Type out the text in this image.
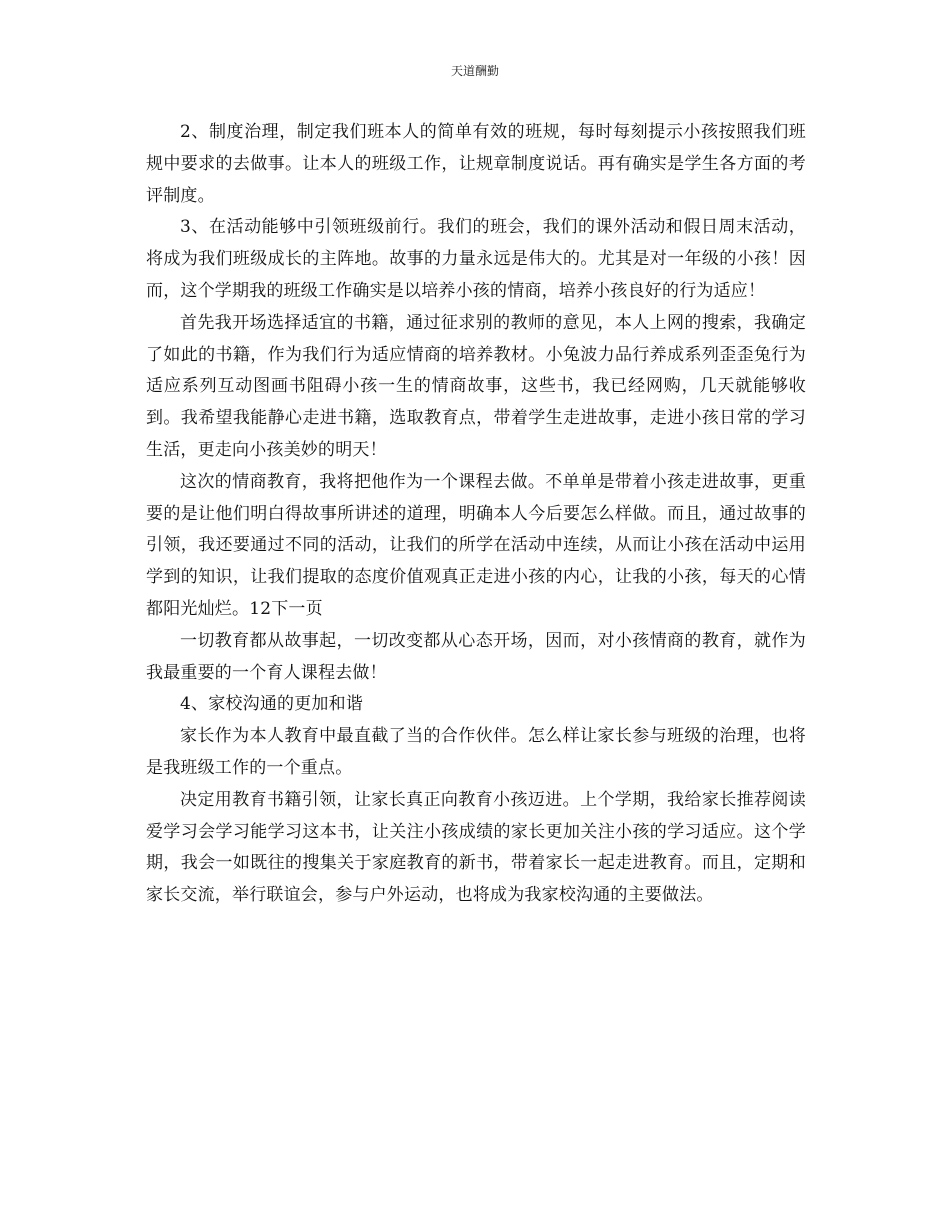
天道酬勤

2、制度治理，制定我们班本人的简单有效的班规，每时每刻提示小孩按照我们班规中要求的去做事。让本人的班级工作，让规章制度说话。再有确实是学生各方面的考评制度。

3、在活动能够中引领班级前行。我们的班会，我们的课外活动和假日周末活动，将成为我们班级成长的主阵地。故事的力量永远是伟大的。尤其是对一年级的小孩！因而，这个学期我的班级工作确实是以培养小孩的情商，培养小孩良好的行为适应！

首先我开场选择适宜的书籍，通过征求别的教师的意见，本人上网的搜索，我确定了如此的书籍，作为我们行为适应情商的培养教材。小兔波力品行养成系列歪歪兔行为适应系列互动图画书阻碍小孩一生的情商故事，这些书，我已经网购，几天就能够收到。我希望我能静心走进书籍，选取教育点，带着学生走进故事，走进小孩日常的学习生活，更走向小孩美妙的明天！

这次的情商教育，我将把他作为一个课程去做。不单单是带着小孩走进故事，更重要的是让他们明白得故事所讲述的道理，明确本人今后要怎么样做。而且，通过故事的引领，我还要通过不同的活动，让我们的所学在活动中连续，从而让小孩在活动中运用学到的知识，让我们提取的态度价值观真正走进小孩的内心，让我的小孩，每天的心情都阳光灿烂。12下一页

一切教育都从故事起，一切改变都从心态开场，因而，对小孩情商的教育，就作为我最重要的一个育人课程去做！

4、家校沟通的更加和谐

家长作为本人教育中最直截了当的合作伙伴。怎么样让家长参与班级的治理，也将是我班级工作的一个重点。

决定用教育书籍引领，让家长真正向教育小孩迈进。上个学期，我给家长推荐阅读爱学习会学习能学习这本书，让关注小孩成绩的家长更加关注小孩的学习适应。这个学期，我会一如既往的搜集关于家庭教育的新书，带着家长一起走进教育。而且，定期和家长交流，举行联谊会，参与户外运动，也将成为我家校沟通的主要做法。
